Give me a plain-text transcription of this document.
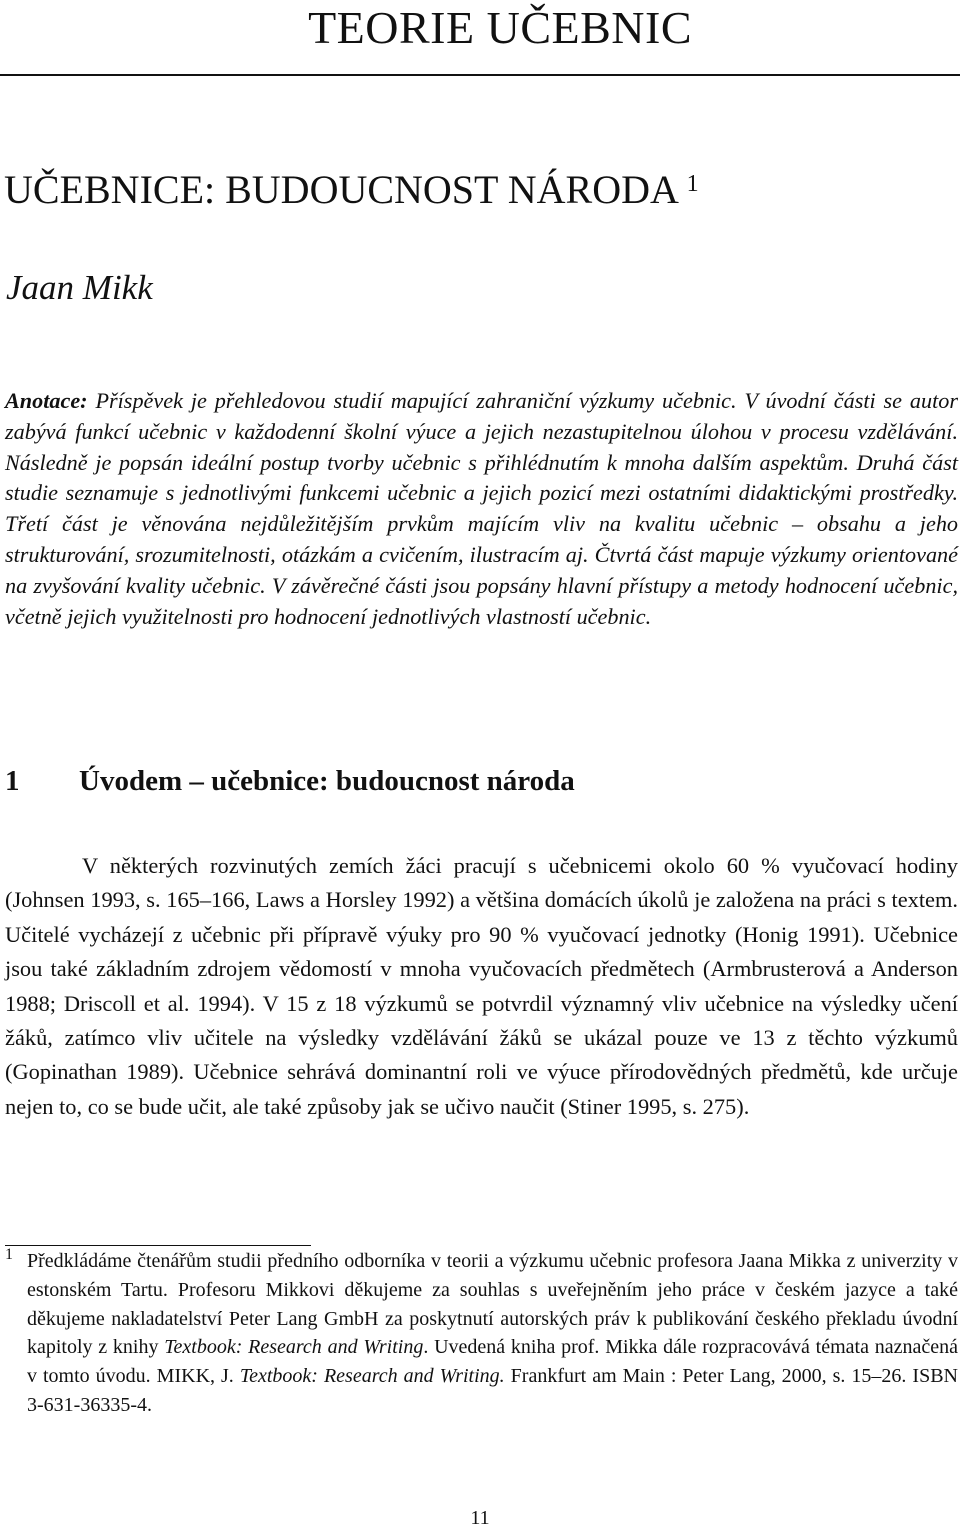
TEORIE UČEBNIC
UČEBNICE: BUDOUCNOST NÁRODA $^1$
Jaan Mikk

Anotace: Příspěvek je přehledovou studií mapující zahraniční výzkumy učebnic. V úvodní části se autor zabývá funkcí učebnic v každodenní školní výuce a jejich nezastupitelnou úlohou v procesu vzdělávání. Následně je popsán ideální postup tvorby učebnic s přihlédnutím k mnoha dalším aspektům. Druhá část studie seznamuje s jednotlivými funkcemi učebnic a jejich pozicí mezi ostatními didaktickými prostředky. Třetí část je věnována nejdůležitějším prvkům majícím vliv na kvalitu učebnic – obsahu a jeho strukturování, srozumitelnosti, otázkám a cvičením, ilustracím aj. Čtvrtá část mapuje výzkumy orientované na zvyšování kvality učebnic. V závěrečné části jsou popsány hlavní přístupy a metody hodnocení učebnic, včetně jejich využitelnosti pro hodnocení jednotlivých vlastností učebnic.

1 Úvodem – učebnice: budoucnost národa

V některých rozvinutých zemích žáci pracují s učebnicemi okolo 60 % vyučovací hodiny (Johnsen 1993, s. 165–166, Laws a Horsley 1992) a většina domácích úkolů je založena na práci s textem. Učitelé vycházejí z učebnic při přípravě výuky pro 90 % vyučovací jednotky (Honig 1991). Učebnice jsou také základním zdrojem vědomostí v mnoha vyučovacích předmětech (Armbrusterová a Anderson 1988; Driscoll et al. 1994). V 15 z 18 výzkumů se potvrdil významný vliv učebnice na výsledky učení žáků, zatímco vliv učitele na výsledky vzdělávání žáků se ukázal pouze ve 13 z těchto výzkumů (Gopinathan 1989). Učebnice sehrává dominantní roli ve výuce přírodovědných předmětů, kde určuje nejen to, co se bude učit, ale také způsoby jak se učivo naučit (Stiner 1995, s. 275).

1 Předkládáme čtenářům studii předního odborníka v teorii a výzkumu učebnic profesora Jaana Mikka z univerzity v estonském Tartu. Profesoru Mikkovi děkujeme za souhlas s uveřejněním jeho práce v českém jazyce a také děkujeme nakladatelství Peter Lang GmbH za poskytnutí autorských práv k publikování českého překladu úvodní kapitoly z knihy Textbook: Research and Writing. Uvedená kniha prof. Mikka dále rozpracovává témata naznačená v tomto úvodu. MIKK, J. Textbook: Research and Writing. Frankfurt am Main : Peter Lang, 2000, s. 15–26. ISBN 3-631-36335-4.
11
